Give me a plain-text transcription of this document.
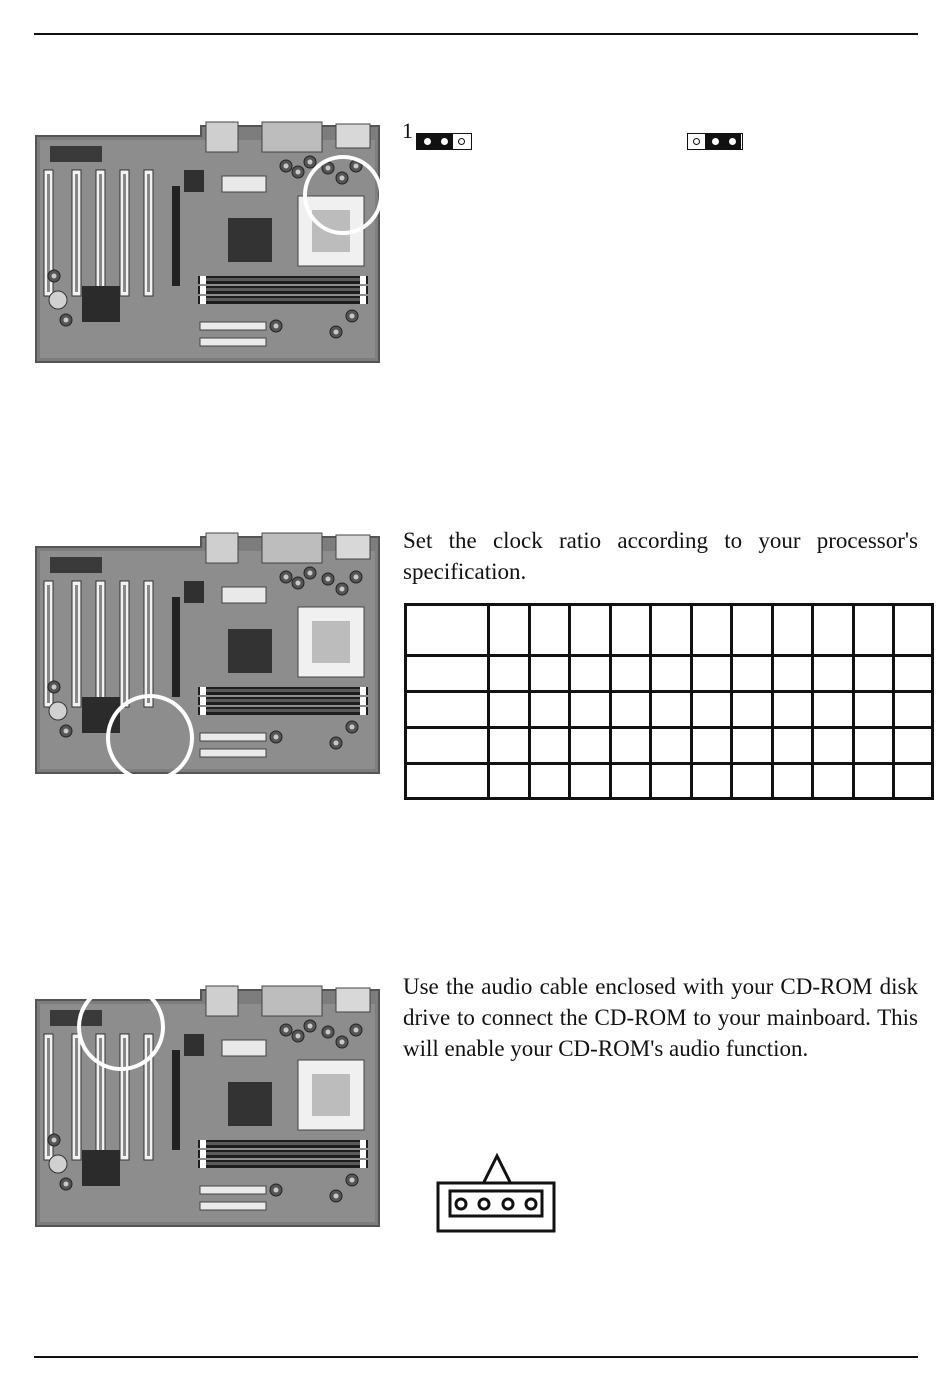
1

Set the clock ratio according to your processor's specification.

Use the audio cable enclosed with your CD-ROM disk drive to connect the CD-ROM to your mainboard. This will enable your CD-ROM's audio function.
